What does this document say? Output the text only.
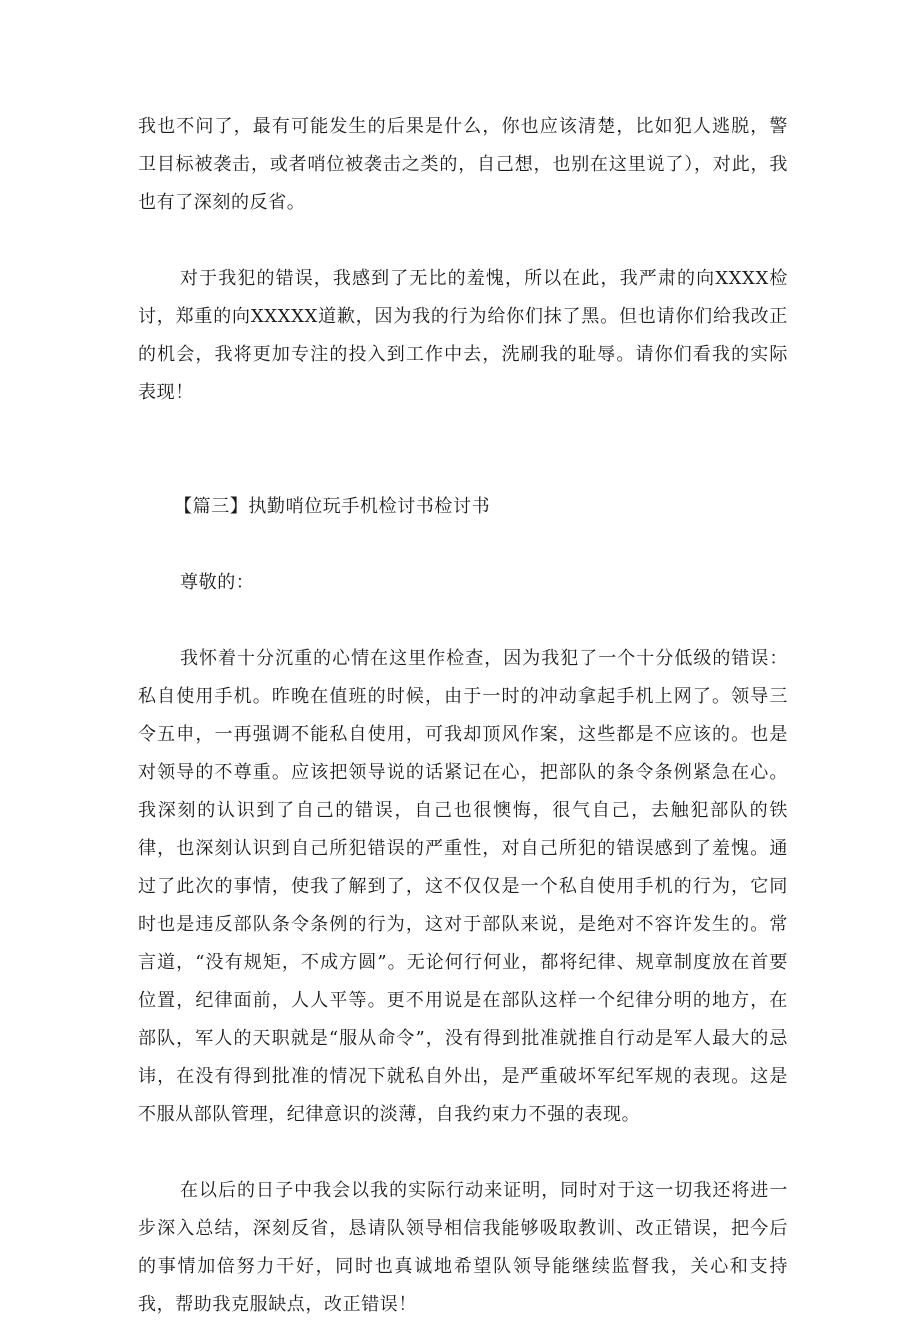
我也不问了，最有可能发生的后果是什么，你也应该清楚，比如犯人逃脱，警卫目标被袭击，或者哨位被袭击之类的，自己想，也别在这里说了），对此，我也有了深刻的反省。

对于我犯的错误，我感到了无比的羞愧，所以在此，我严肃的向XXXX检讨，郑重的向XXXXX道歉，因为我的行为给你们抹了黑。但也请你们给我改正的机会，我将更加专注的投入到工作中去，洗刷我的耻辱。请你们看我的实际表现！

【篇三】执勤哨位玩手机检讨书检讨书

尊敬的：

我怀着十分沉重的心情在这里作检查，因为我犯了一个十分低级的错误：私自使用手机。昨晚在值班的时候，由于一时的冲动拿起手机上网了。领导三令五申，一再强调不能私自使用，可我却顶风作案，这些都是不应该的。也是对领导的不尊重。应该把领导说的话紧记在心，把部队的条令条例紧急在心。我深刻的认识到了自己的错误，自己也很懊悔，很气自己，去触犯部队的铁律，也深刻认识到自己所犯错误的严重性，对自己所犯的错误感到了羞愧。通过了此次的事情，使我了解到了，这不仅仅是一个私自使用手机的行为，它同时也是违反部队条令条例的行为，这对于部队来说，是绝对不容许发生的。常言道，“没有规矩，不成方圆”。无论何行何业，都将纪律、规章制度放在首要位置，纪律面前，人人平等。更不用说是在部队这样一个纪律分明的地方，在部队，军人的天职就是“服从命令”，没有得到批准就推自行动是军人最大的忌讳，在没有得到批准的情况下就私自外出，是严重破坏军纪军规的表现。这是不服从部队管理，纪律意识的淡薄，自我约束力不强的表现。

在以后的日子中我会以我的实际行动来证明，同时对于这一切我还将进一步深入总结，深刻反省，恳请队领导相信我能够吸取教训、改正错误，把今后的事情加倍努力干好，同时也真诚地希望队领导能继续监督我，关心和支持我，帮助我克服缺点，改正错误！
